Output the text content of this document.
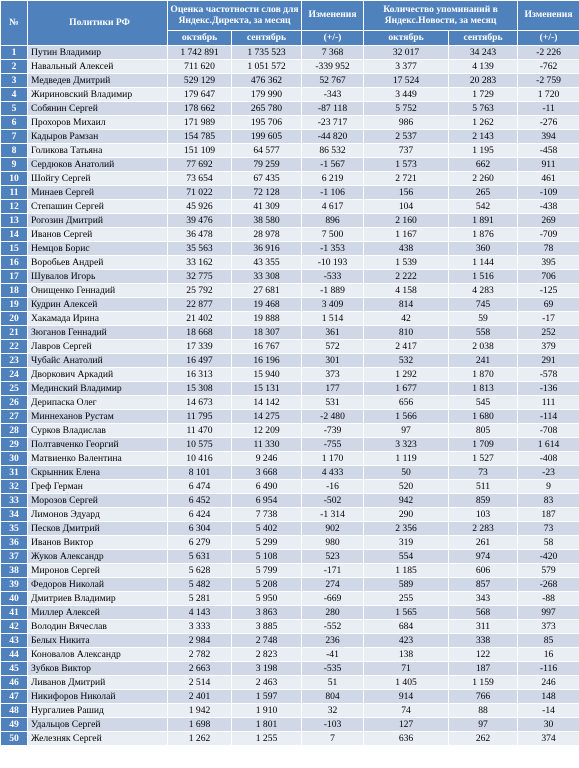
№	Политики РФ	Оценка частотности слов для Яндекс.Директа, за месяц		Изменения	Количество упоминаний в Яндекс.Новости, за месяц		Изменения
		октябрь	сентябрь	(+/-)	октябрь	сентябрь	(+/-)
1	Путин Владимир	1 742 891	1 735 523	7 368	32 017	34 243	-2 226
2	Навальный Алексей	711 620	1 051 572	-339 952	3 377	4 139	-762
3	Медведев Дмитрий	529 129	476 362	52 767	17 524	20 283	-2 759
4	Жириновский Владимир	179 647	179 990	-343	3 449	1 729	1 720
5	Собянин Сергей	178 662	265 780	-87 118	5 752	5 763	-11
6	Прохоров Михаил	171 989	195 706	-23 717	986	1 262	-276
7	Кадыров Рамзан	154 785	199 605	-44 820	2 537	2 143	394
8	Голикова Татьяна	151 109	64 577	86 532	737	1 195	-458
9	Сердюков Анатолий	77 692	79 259	-1 567	1 573	662	911
10	Шойгу Сергей	73 654	67 435	6 219	2 721	2 260	461
11	Минаев Сергей	71 022	72 128	-1 106	156	265	-109
12	Степашин Сергей	45 926	41 309	4 617	104	542	-438
13	Рогозин Дмитрий	39 476	38 580	896	2 160	1 891	269
14	Иванов Сергей	36 478	28 978	7 500	1 167	1 876	-709
15	Немцов Борис	35 563	36 916	-1 353	438	360	78
16	Воробьев Андрей	33 162	43 355	-10 193	1 539	1 144	395
17	Шувалов Игорь	32 775	33 308	-533	2 222	1 516	706
18	Онищенко Геннадий	25 792	27 681	-1 889	4 158	4 283	-125
19	Кудрин Алексей	22 877	19 468	3 409	814	745	69
20	Хакамада Ирина	21 402	19 888	1 514	42	59	-17
21	Зюганов Геннадий	18 668	18 307	361	810	558	252
22	Лавров Сергей	17 339	16 767	572	2 417	2 038	379
23	Чубайс Анатолий	16 497	16 196	301	532	241	291
24	Дворкович Аркадий	16 313	15 940	373	1 292	1 870	-578
25	Мединский Владимир	15 308	15 131	177	1 677	1 813	-136
26	Дерипаска Олег	14 673	14 142	531	656	545	111
27	Миннеханов Рустам	11 795	14 275	-2 480	1 566	1 680	-114
28	Сурков Владислав	11 470	12 209	-739	97	805	-708
29	Полтавченко Георгий	10 575	11 330	-755	3 323	1 709	1 614
30	Матвиенко Валентина	10 416	9 246	1 170	1 119	1 527	-408
31	Скрынник Елена	8 101	3 668	4 433	50	73	-23
32	Греф Герман	6 474	6 490	-16	520	511	9
33	Морозов Сергей	6 452	6 954	-502	942	859	83
34	Лимонов Эдуард	6 424	7 738	-1 314	290	103	187
35	Песков Дмитрий	6 304	5 402	902	2 356	2 283	73
36	Иванов Виктор	6 279	5 299	980	319	261	58
37	Жуков Александр	5 631	5 108	523	554	974	-420
38	Миронов Сергей	5 628	5 799	-171	1 185	606	579
39	Федоров Николай	5 482	5 208	274	589	857	-268
40	Дмитриев Владимир	5 281	5 950	-669	255	343	-88
41	Миллер Алексей	4 143	3 863	280	1 565	568	997
42	Володин Вячеслав	3 333	3 885	-552	684	311	373
43	Белых Никита	2 984	2 748	236	423	338	85
44	Коновалов Александр	2 782	2 823	-41	138	122	16
45	Зубков Виктор	2 663	3 198	-535	71	187	-116
46	Ливанов Дмитрий	2 514	2 463	51	1 405	1 159	246
47	Никифоров Николай	2 401	1 597	804	914	766	148
48	Нургалиев Рашид	1 942	1 910	32	74	88	-14
49	Удальцов Сергей	1 698	1 801	-103	127	97	30
50	Железняк Сергей	1 262	1 255	7	636	262	374
